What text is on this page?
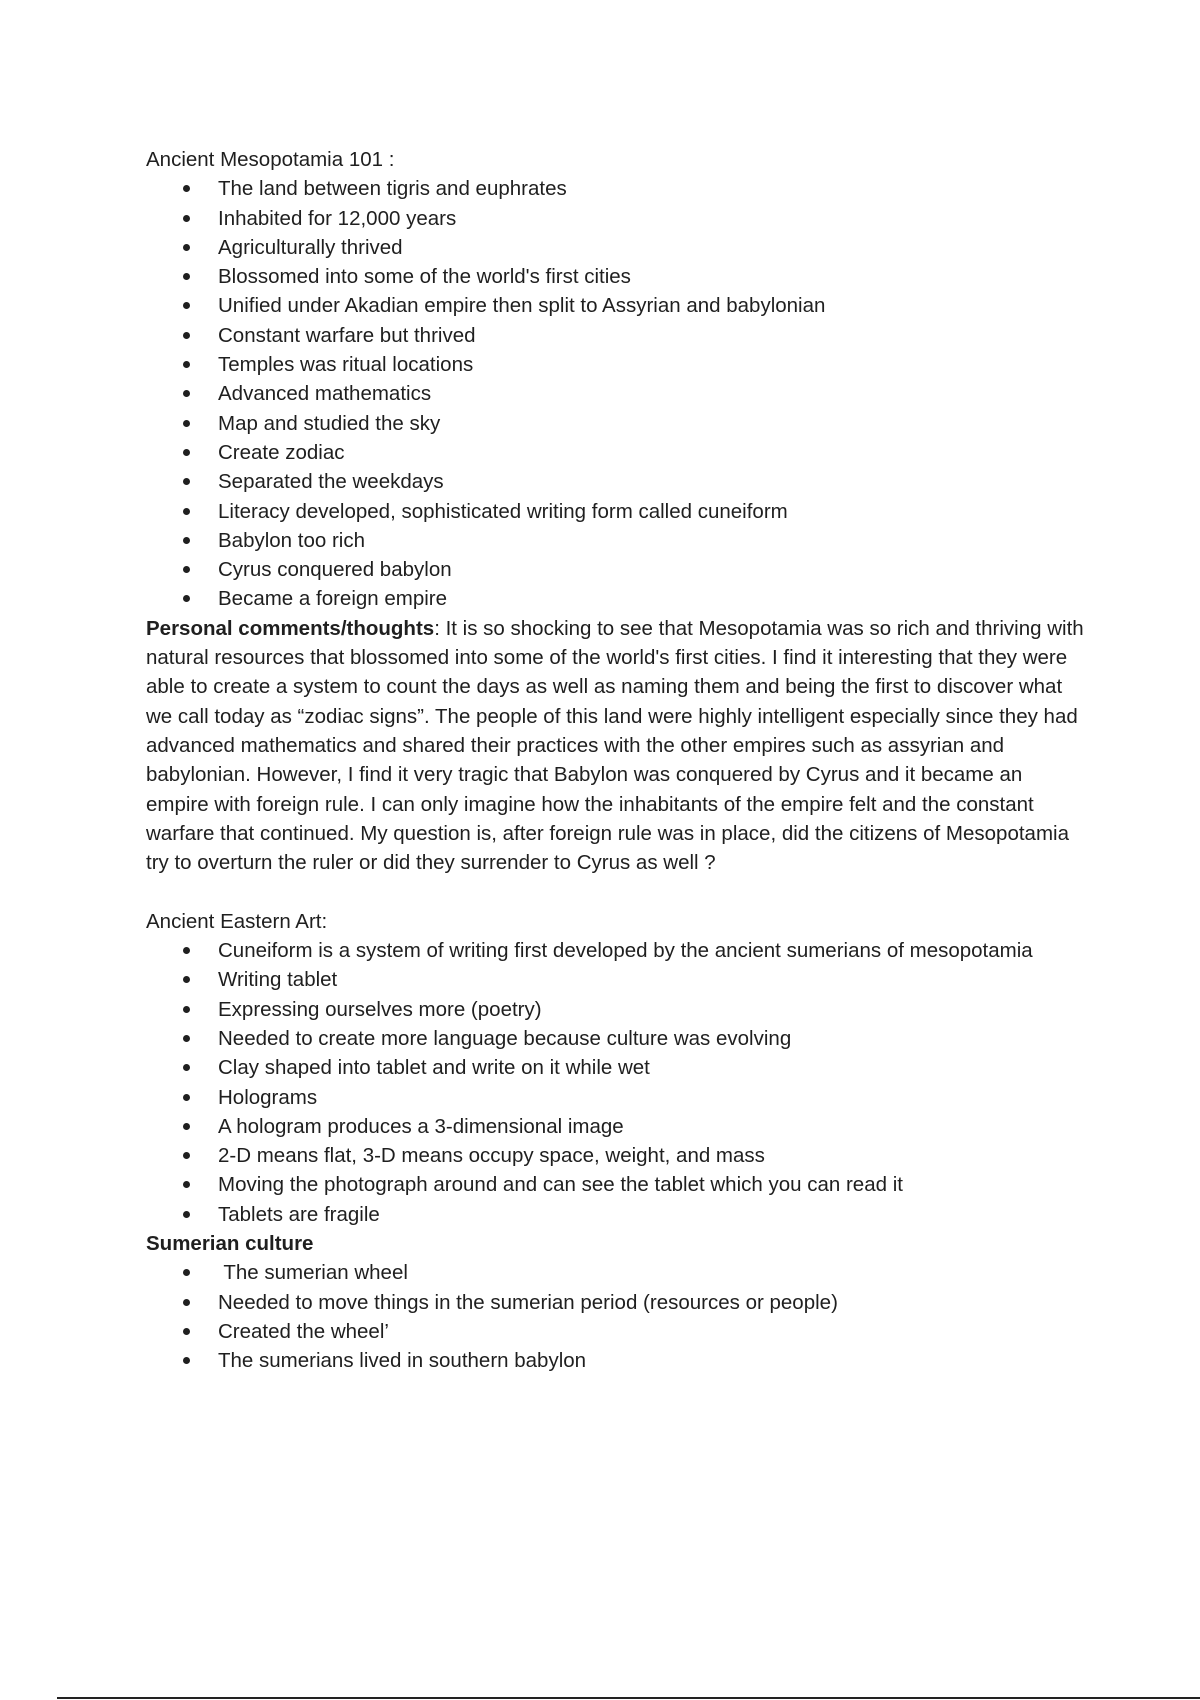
Ancient Mesopotamia 101 :

The land between tigris and euphrates
Inhabited for 12,000 years
Agriculturally thrived
Blossomed into some of the world's first cities
Unified under Akadian empire then split to Assyrian and babylonian
Constant warfare but thrived
Temples was ritual locations
Advanced mathematics
Map and studied the sky
Create zodiac
Separated the weekdays
Literacy developed, sophisticated writing form called cuneiform
Babylon too rich
Cyrus conquered babylon
Became a foreign empire

Personal comments/thoughts: It is so shocking to see that Mesopotamia was so rich and thriving with natural resources that blossomed into some of the world's first cities. I find it interesting that they were able to create a system to count the days as well as naming them and being the first to discover what we call today as “zodiac signs”. The people of this land were highly intelligent especially since they had advanced mathematics and shared their practices with the other empires such as assyrian and babylonian. However, I find it very tragic that Babylon was conquered by Cyrus and it became an empire with foreign rule. I can only imagine how the inhabitants of the empire felt and the constant warfare that continued. My question is, after foreign rule was in place, did the citizens of Mesopotamia try to overturn the ruler or did they surrender to Cyrus as well ?

Ancient Eastern Art:

Cuneiform is a system of writing first developed by the ancient sumerians of mesopotamia
Writing tablet
Expressing ourselves more (poetry)
Needed to create more language because culture was evolving
Clay shaped into tablet and write on it while wet
Holograms
A hologram produces a 3-dimensional image
2-D means flat, 3-D means occupy space, weight, and mass
Moving the photograph around and can see the tablet which you can read it
Tablets are fragile

Sumerian culture

The sumerian wheel
Needed to move things in the sumerian period (resources or people)
Created the wheel’
The sumerians lived in southern babylon
